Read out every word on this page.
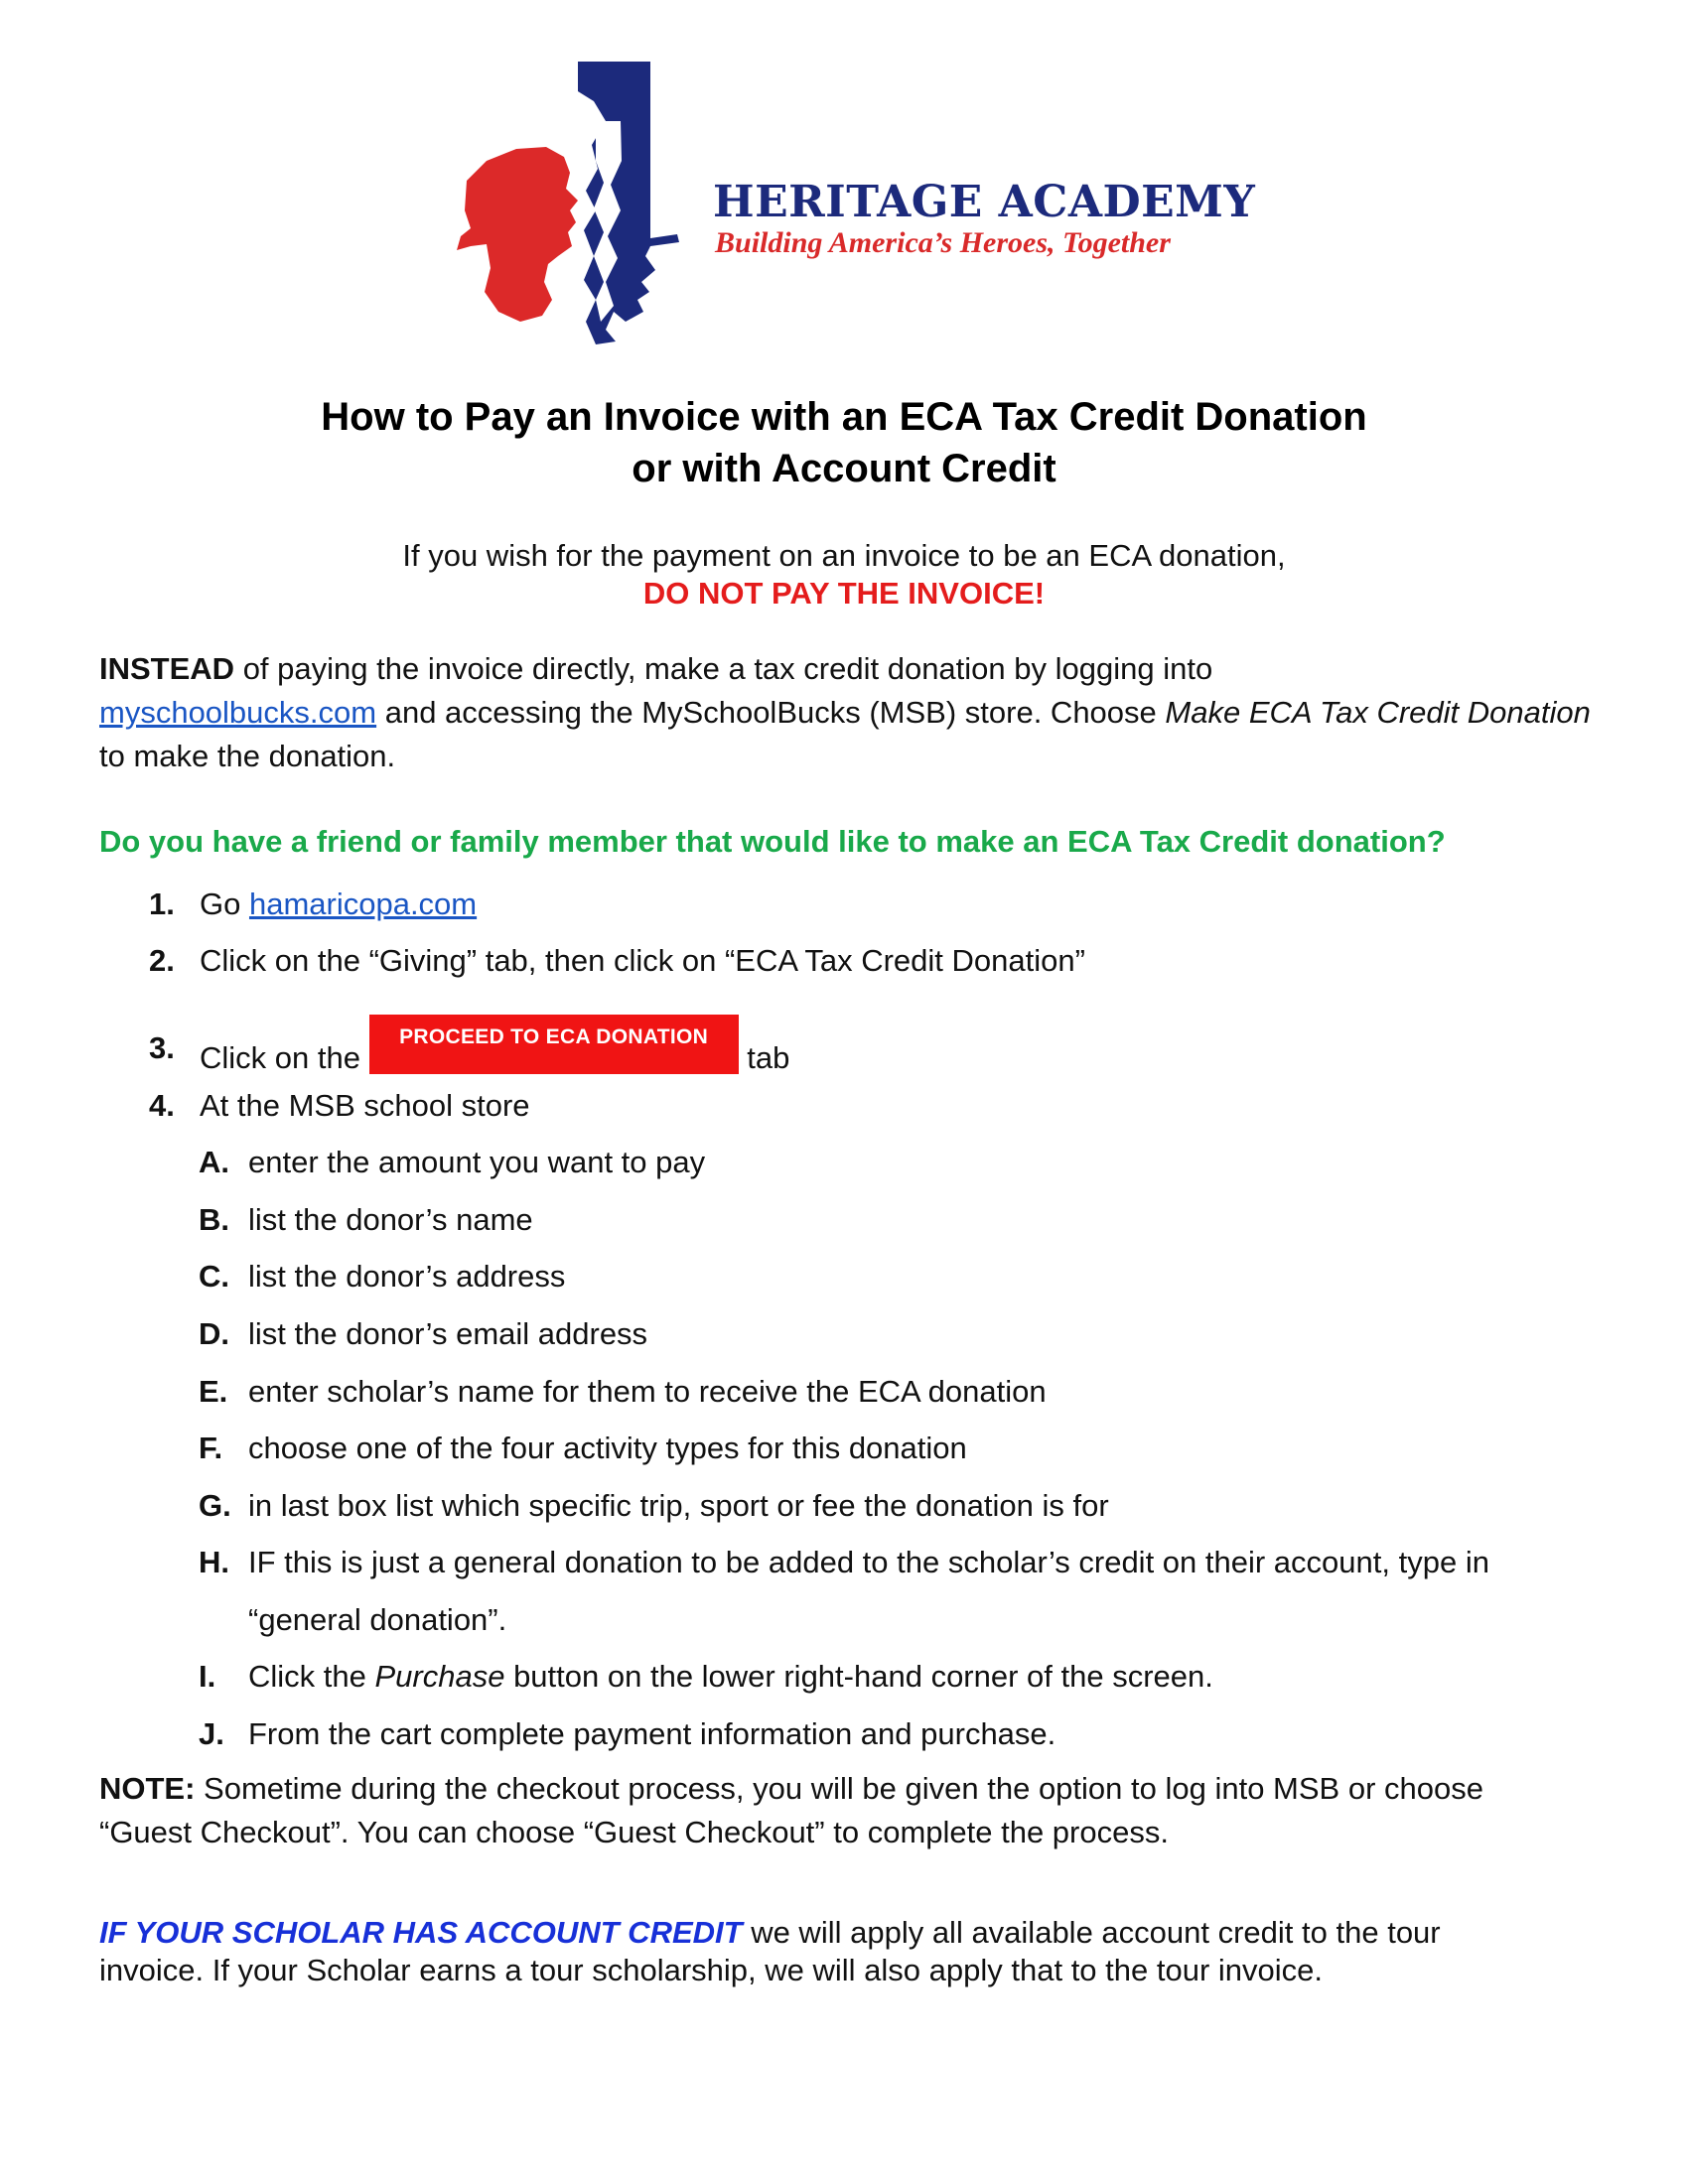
HERITAGE ACADEMY
Building America’s Heroes, Together
How to Pay an Invoice with an ECA Tax Credit Donation
or with Account Credit
If you wish for the payment on an invoice to be an ECA donation,
DO NOT PAY THE INVOICE!
INSTEAD of paying the invoice directly, make a tax credit donation by logging into
myschoolbucks.com and accessing the MySchoolBucks (MSB) store. Choose Make ECA Tax Credit Donation to make the donation.
Do you have a friend or family member that would like to make an ECA Tax Credit donation?
1. Go hamaricopa.com
2. Click on the “Giving” tab, then click on “ECA Tax Credit Donation”
3. Click on the PROCEED TO ECA DONATION tab
4. At the MSB school store
A. enter the amount you want to pay
B. list the donor’s name
C. list the donor’s address
D. list the donor’s email address
E. enter scholar’s name for them to receive the ECA donation
F. choose one of the four activity types for this donation
G. in last box list which specific trip, sport or fee the donation is for
H. IF this is just a general donation to be added to the scholar’s credit on their account, type in
“general donation”.
I. Click the Purchase button on the lower right-hand corner of the screen.
J. From the cart complete payment information and purchase.
NOTE: Sometime during the checkout process, you will be given the option to log into MSB or choose
“Guest Checkout”. You can choose “Guest Checkout” to complete the process.
IF YOUR SCHOLAR HAS ACCOUNT CREDIT we will apply all available account credit to the tour
invoice. If your Scholar earns a tour scholarship, we will also apply that to the tour invoice.
